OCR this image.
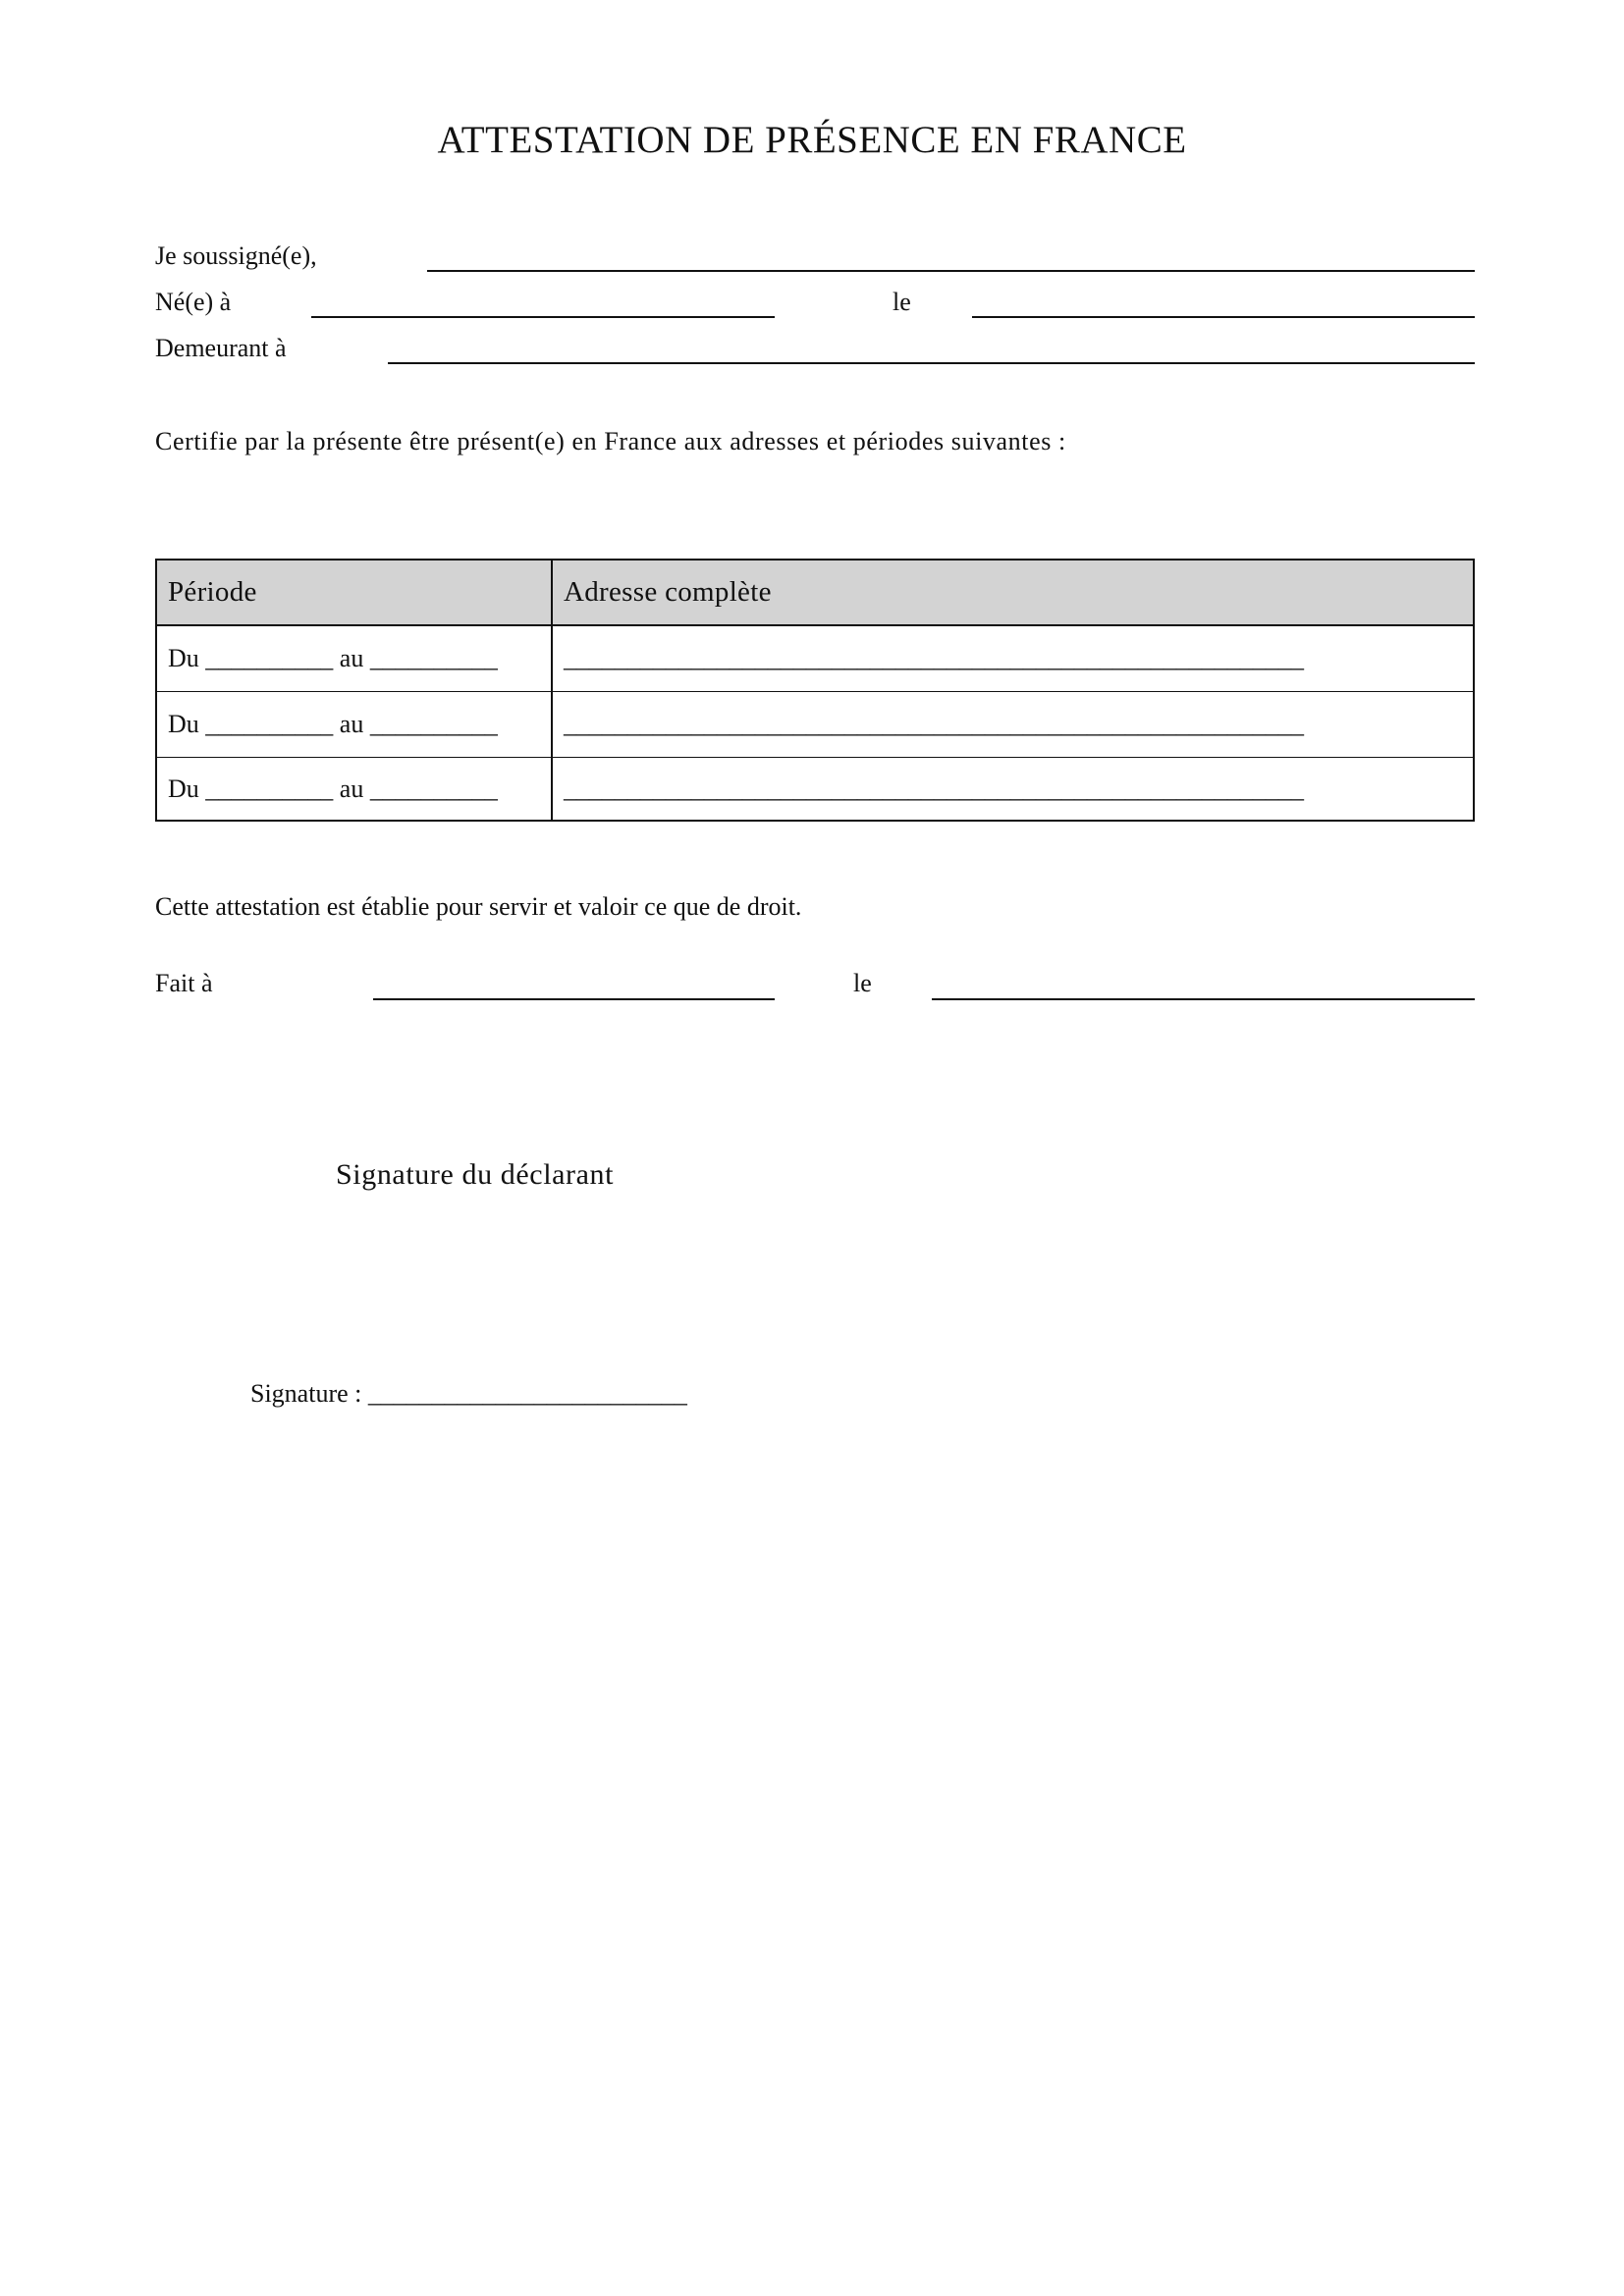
ATTESTATION DE PRÉSENCE EN FRANCE
Je soussigné(e),
Né(e) à	le
Demeurant à
Certifie par la présente être présent(e) en France aux adresses et périodes suivantes :
Période	Adresse complète
Du __________ au __________	__________________________________________________________
Du __________ au __________	__________________________________________________________
Du __________ au __________	__________________________________________________________
Cette attestation est établie pour servir et valoir ce que de droit.
Fait à	le
Signature du déclarant
Signature : _________________________
